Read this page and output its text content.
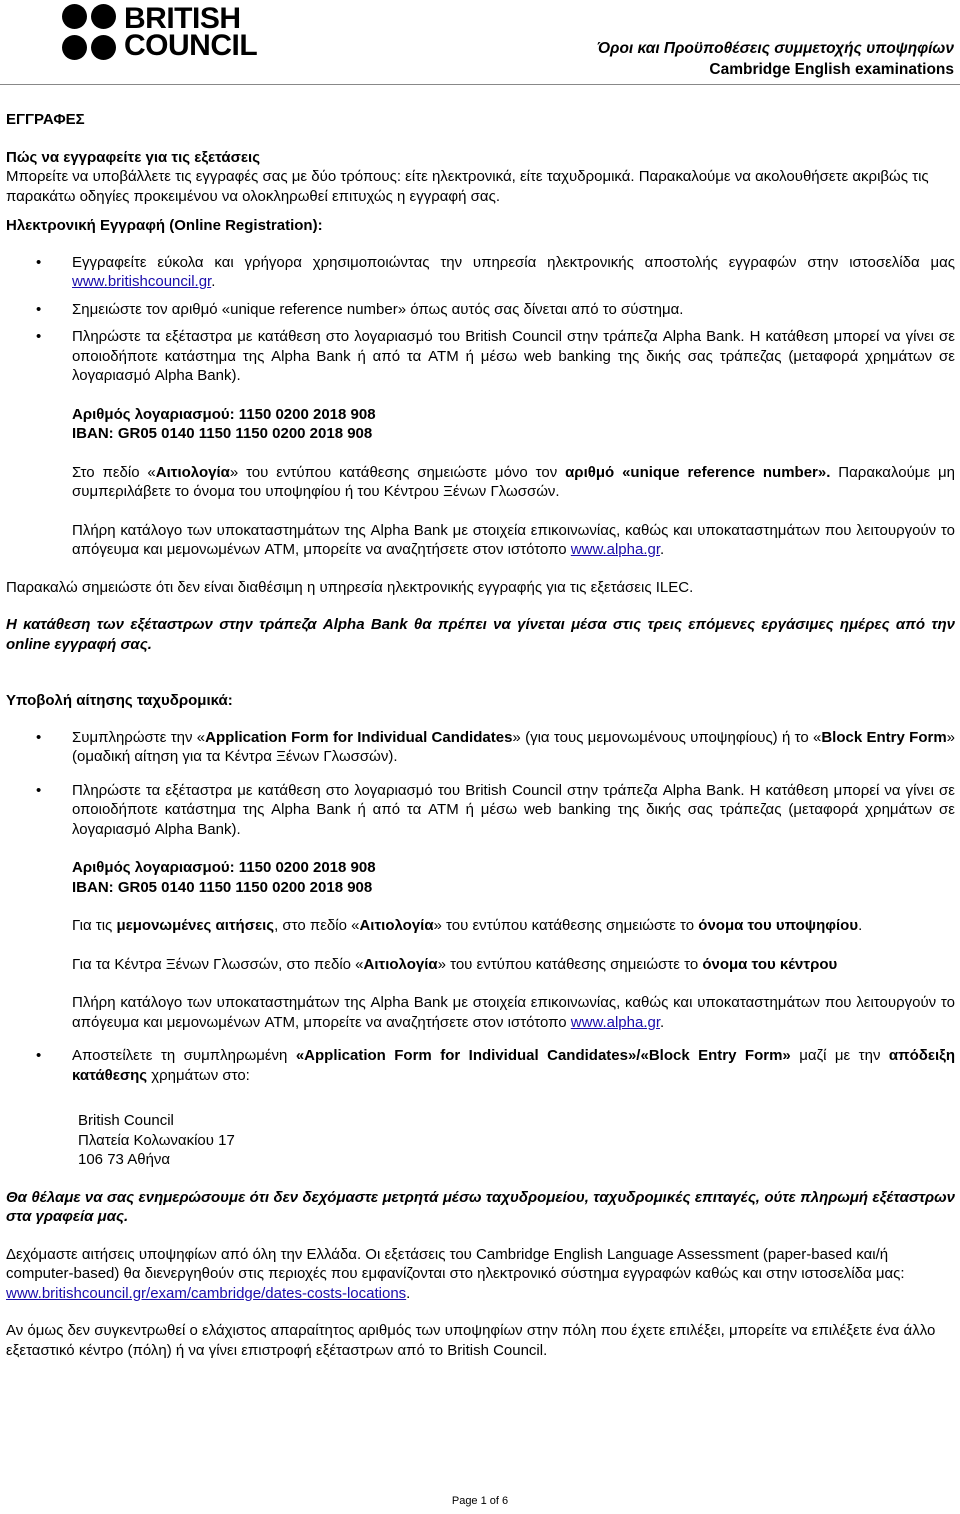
BRITISH
COUNCIL	Όροι και Προϋποθέσεις συμμετοχής υποψηφίων
Cambridge English examinations

ΕΓΓΡΑΦΕΣ

Πώς να εγγραφείτε για τις εξετάσεις

Μπορείτε να υποβάλλετε τις εγγραφές σας με δύο τρόπους: είτε ηλεκτρονικά, είτε ταχυδρομικά. Παρακαλούμε να ακολουθήσετε ακριβώς τις παρακάτω οδηγίες προκειμένου να ολοκληρωθεί επιτυχώς η εγγραφή σας.

Ηλεκτρονική Εγγραφή (Online Registration):

• Εγγραφείτε εύκολα και γρήγορα χρησιμοποιώντας την υπηρεσία ηλεκτρονικής αποστολής εγγραφών στην ιστοσελίδα μας www.britishcouncil.gr.
• Σημειώστε τον αριθμό «unique reference number» όπως αυτός σας δίνεται από το σύστημα.
• Πληρώστε τα εξέταστρα με κατάθεση στο λογαριασμό του British Council στην τράπεζα Alpha Bank. Η κατάθεση μπορεί να γίνει σε οποιοδήποτε κατάστημα της Alpha Bank ή από τα ATM ή μέσω web banking της δικής σας τράπεζας (μεταφορά χρημάτων σε λογαριασμό Alpha Bank).

Αριθμός λογαριασμού: 1150 0200 2018 908

IBAN: GR05 0140 1150 1150 0200 2018 908

Στο πεδίο «Αιτιολογία» του εντύπου κατάθεσης σημειώστε μόνο τον αριθμό «unique reference number». Παρακαλούμε μη συμπεριλάβετε το όνομα του υποψηφίου ή του Κέντρου Ξένων Γλωσσών.

Πλήρη κατάλογο των υποκαταστημάτων της Alpha Bank με στοιχεία επικοινωνίας, καθώς και υποκαταστημάτων που λειτουργούν το απόγευμα και μεμονωμένων ATM, μπορείτε να αναζητήσετε στον ιστότοπο www.alpha.gr.

Παρακαλώ σημειώστε ότι δεν είναι διαθέσιμη η υπηρεσία ηλεκτρονικής εγγραφής για τις εξετάσεις ILEC.

Η κατάθεση των εξέταστρων στην τράπεζα Alpha Bank θα πρέπει να γίνεται μέσα στις τρεις επόμενες εργάσιμες ημέρες από την online εγγραφή σας.

Υποβολή αίτησης ταχυδρομικά:

• Συμπληρώστε την «Application Form for Individual Candidates» (για τους μεμονωμένους υποψηφίους) ή το «Block Entry Form» (ομαδική αίτηση για τα Κέντρα Ξένων Γλωσσών).
• Πληρώστε τα εξέταστρα με κατάθεση στο λογαριασμό του British Council στην τράπεζα Alpha Bank. Η κατάθεση μπορεί να γίνει σε οποιοδήποτε κατάστημα της Alpha Bank ή από τα ATM ή μέσω web banking της δικής σας τράπεζας (μεταφορά χρημάτων σε λογαριασμό Alpha Bank).

Αριθμός λογαριασμού: 1150 0200 2018 908

IBAN: GR05 0140 1150 1150 0200 2018 908

Για τις μεμονωμένες αιτήσεις, στο πεδίο «Αιτιολογία» του εντύπου κατάθεσης σημειώστε το όνομα του υποψηφίου.

Για τα Κέντρα Ξένων Γλωσσών, στο πεδίο «Αιτιολογία» του εντύπου κατάθεσης σημειώστε το όνομα του κέντρου

Πλήρη κατάλογο των υποκαταστημάτων της Alpha Bank με στοιχεία επικοινωνίας, καθώς και υποκαταστημάτων που λειτουργούν το απόγευμα και μεμονωμένων ATM, μπορείτε να αναζητήσετε στον ιστότοπο www.alpha.gr.

• Αποστείλετε τη συμπληρωμένη «Application Form for Individual Candidates»/«Block Entry Form» μαζί με την απόδειξη κατάθεσης χρημάτων στο:

British Council

Πλατεία Κολωνακίου 17

106 73 Αθήνα

Θα θέλαμε να σας ενημερώσουμε ότι δεν δεχόμαστε μετρητά μέσω ταχυδρομείου, ταχυδρομικές επιταγές, ούτε πληρωμή εξέταστρων στα γραφεία μας.

Δεχόμαστε αιτήσεις υποψηφίων από όλη την Ελλάδα. Οι εξετάσεις του Cambridge English Language Assessment (paper-based και/ή computer-based) θα διενεργηθούν στις περιοχές που εμφανίζονται στο ηλεκτρονικό σύστημα εγγραφών καθώς και στην ιστοσελίδα μας: www.britishcouncil.gr/exam/cambridge/dates-costs-locations.

Αν όμως δεν συγκεντρωθεί ο ελάχιστος απαραίτητος αριθμός των υποψηφίων στην πόλη που έχετε επιλέξει, μπορείτε να επιλέξετε ένα άλλο εξεταστικό κέντρο (πόλη) ή να γίνει επιστροφή εξέταστρων από το British Council.

Page 1 of 6
